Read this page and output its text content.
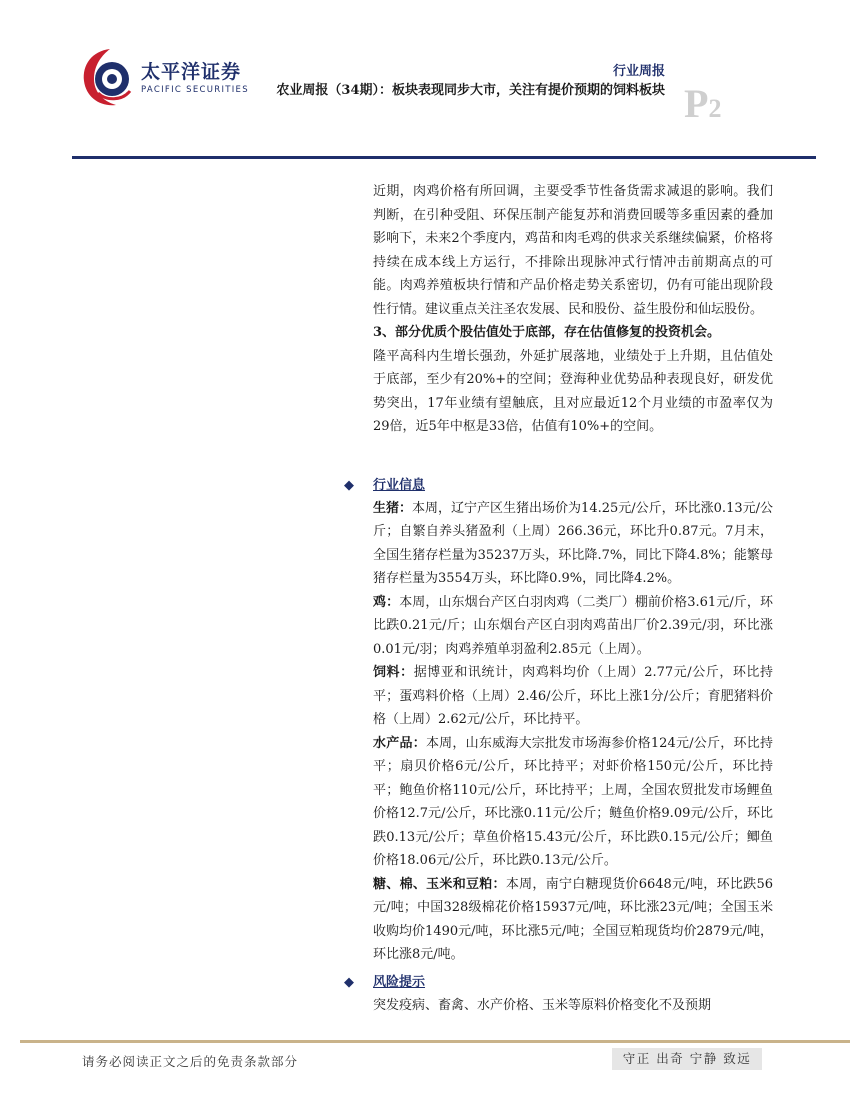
太平洋证券
PACIFIC SECURITIES
行业周报
农业周报（34期）：板块表现同步大市，关注有提价预期的饲料板块 P2

近期，肉鸡价格有所回调，主要受季节性备货需求减退的影响。我们判断，在引种受阻、环保压制产能复苏和消费回暖等多重因素的叠加影响下，未来2个季度内，鸡苗和肉毛鸡的供求关系继续偏紧，价格将持续在成本线上方运行，不排除出现脉冲式行情冲击前期高点的可能。肉鸡养殖板块行情和产品价格走势关系密切，仍有可能出现阶段性行情。建议重点关注圣农发展、民和股份、益生股份和仙坛股份。

3、部分优质个股估值处于底部，存在估值修复的投资机会。

隆平高科内生增长强劲，外延扩展落地，业绩处于上升期，且估值处于底部，至少有20%+的空间；登海种业优势品种表现良好，研发优势突出，17年业绩有望触底，且对应最近12个月业绩的市盈率仅为29倍，近5年中枢是33倍，估值有10%+的空间。

◆ 行业信息

生猪：本周，辽宁产区生猪出场价为14.25元/公斤，环比涨0.13元/公斤；自繁自养头猪盈利（上周）266.36元，环比升0.87元。7月末，全国生猪存栏量为35237万头，环比降.7%，同比下降4.8%；能繁母猪存栏量为3554万头，环比降0.9%，同比降4.2%。

鸡：本周，山东烟台产区白羽肉鸡（二类厂）棚前价格3.61元/斤，环比跌0.21元/斤；山东烟台产区白羽肉鸡苗出厂价2.39元/羽，环比涨0.01元/羽；肉鸡养殖单羽盈利2.85元（上周）。

饲料：据博亚和讯统计，肉鸡料均价（上周）2.77元/公斤，环比持平；蛋鸡料价格（上周）2.46/公斤，环比上涨1分/公斤；育肥猪料价格（上周）2.62元/公斤，环比持平。

水产品：本周，山东威海大宗批发市场海参价格124元/公斤，环比持平；扇贝价格6元/公斤，环比持平；对虾价格150元/公斤，环比持平；鲍鱼价格110元/公斤，环比持平；上周，全国农贸批发市场鲤鱼价格12.7元/公斤，环比涨0.11元/公斤；鲢鱼价格9.09元/公斤，环比跌0.13元/公斤；草鱼价格15.43元/公斤，环比跌0.15元/公斤；鲫鱼价格18.06元/公斤，环比跌0.13元/公斤。

糖、棉、玉米和豆粕：本周，南宁白糖现货价6648元/吨，环比跌56元/吨；中国328级棉花价格15937元/吨，环比涨23元/吨；全国玉米收购均价1490元/吨，环比涨5元/吨；全国豆粕现货均价2879元/吨，环比涨8元/吨。

◆ 风险提示

突发疫病、畜禽、水产价格、玉米等原料价格变化不及预期

请务必阅读正文之后的免责条款部分	守正 出奇 宁静 致远
